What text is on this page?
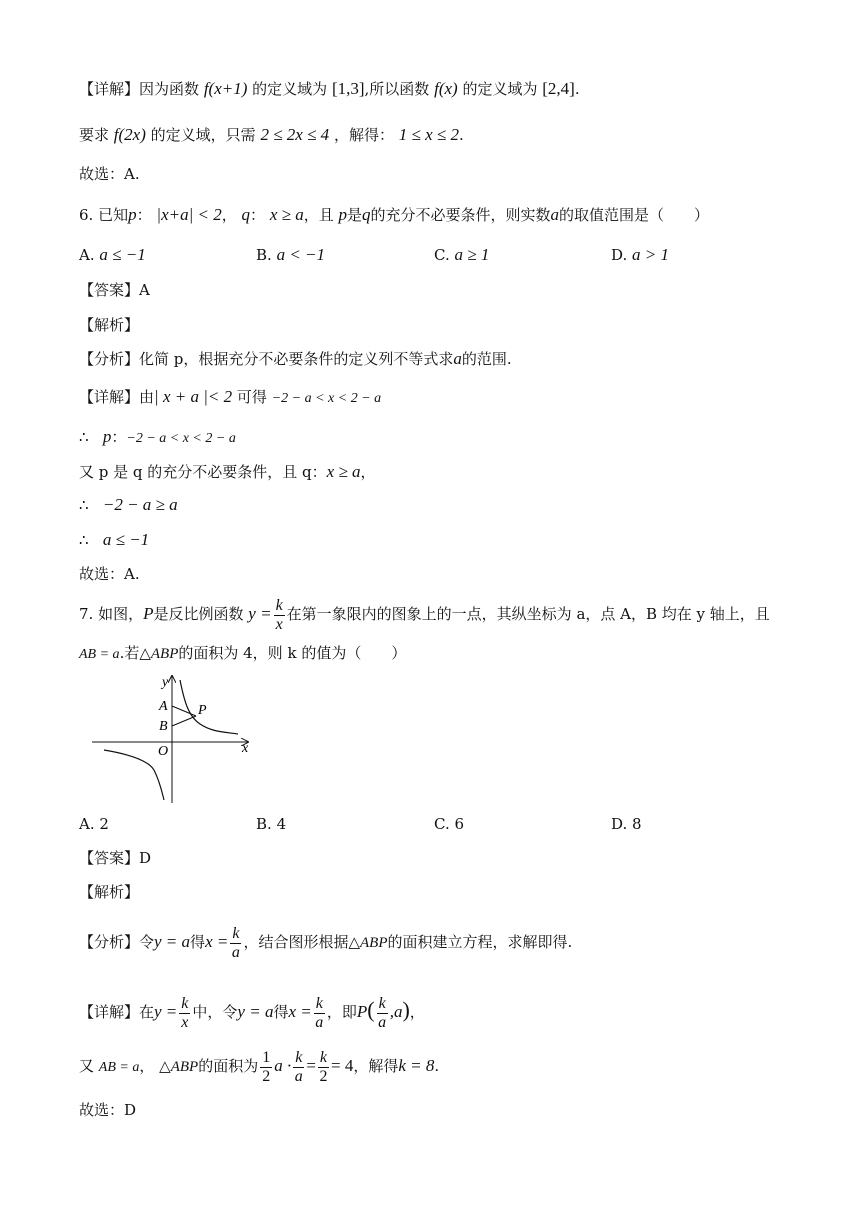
【详解】因为函数 f(x+1) 的定义域为 [1,3],所以函数 f(x) 的定义域为 [2,4].
要求 f(2x) 的定义域，只需 2 ≤ 2x ≤ 4 ，解得： 1 ≤ x ≤ 2.
故选：A.
6. 已知p： |x+a| < 2， q： x ≥ a，且 p是q的充分不必要条件，则实数a的取值范围是（　　）
A. a ≤ −1	B. a < −1	C. a ≥ 1	D. a > 1
【答案】A
【解析】
【分析】化简 p，根据充分不必要条件的定义列不等式求a的范围.
【详解】由| x + a |< 2 可得 −2 − a < x < 2 − a
∴ p：−2 − a < x < 2 − a
又 p 是 q 的充分不必要条件，且 q：x ≥ a，
∴ −2 − a ≥ a
∴ a ≤ −1
故选：A.
7. 如图，P是反比例函数 $y = \frac{k}{x}$ 在第一象限内的图象上的一点，其纵坐标为 a，点 A，B 均在 y 轴上，且
AB = a.若△ABP的面积为 4，则 k 的值为（　　）
y
A
B
P
O	x
A. 2	B. 4	C. 6	D. 8
【答案】D
【解析】
【分析】令y = a得$x = \frac{k}{a}$ ，结合图形根据△ABP的面积建立方程，求解即得.
【详解】在$y = \frac{k}{x}$ 中，令y = a得$x = \frac{k}{a}$ ，即$P( \frac{k}{a} ,a)$，
又 AB = a， △ABP的面积为 $\frac{1}{2}$ $a \cdot \frac{k}{a} = \frac{k}{2} = 4$，解得k = 8.
故选：D
